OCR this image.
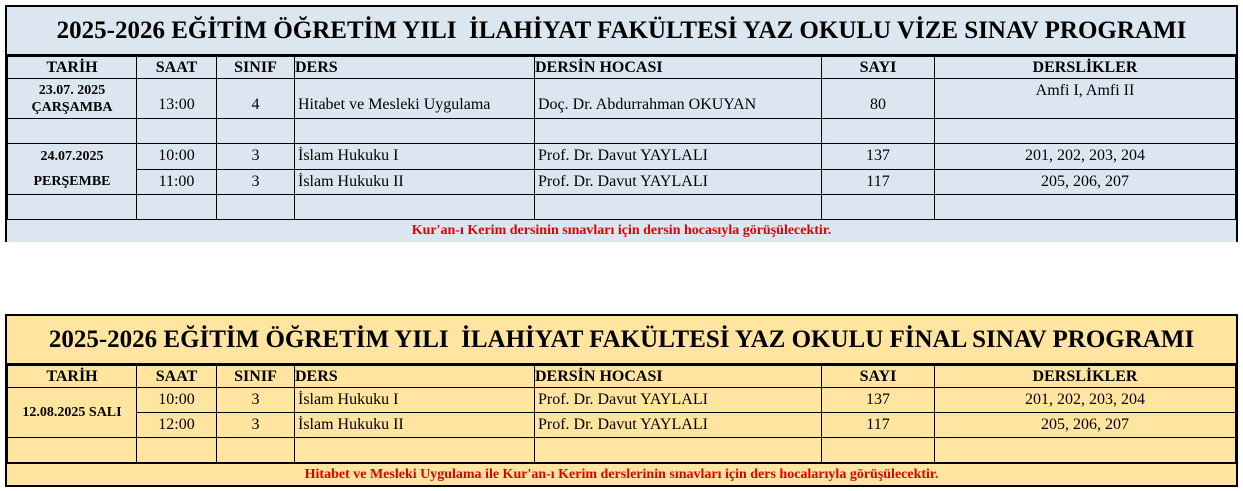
2025-2026 EĞİTİM ÖĞRETİM YILI  İLAHİYAT FAKÜLTESİ YAZ OKULU VİZE SINAV PROGRAMI
TARİH	SAAT	SINIF	DERS	DERSİN HOCASI	SAYI	DERSLİKLER

23.07. 2025
ÇARŞAMBA	13:00	4	Hitabet ve Mesleki Uygulama	Doç. Dr. Abdurrahman OKUYAN	80	Amfi I, Amfi II

24.07.2025
PERŞEMBE	10:00	3	İslam Hukuku I	Prof. Dr. Davut YAYLALI	137	201, 202, 203, 204
	11:00	3	İslam Hukuku II	Prof. Dr. Davut YAYLALI	117	205, 206, 207

Kur'an-ı Kerim dersinin sınavları için dersin hocasıyla görüşülecektir.
2025-2026 EĞİTİM ÖĞRETİM YILI  İLAHİYAT FAKÜLTESİ YAZ OKULU FİNAL SINAV PROGRAMI
TARİH	SAAT	SINIF	DERS	DERSİN HOCASI	SAYI	DERSLİKLER
12.08.2025 SALI	10:00	3	İslam Hukuku I	Prof. Dr. Davut YAYLALI	137	201, 202, 203, 204
	12:00	3	İslam Hukuku II	Prof. Dr. Davut YAYLALI	117	205, 206, 207

Hitabet ve Mesleki Uygulama ile Kur'an-ı Kerim derslerinin sınavları için ders hocalarıyla görüşülecektir.
